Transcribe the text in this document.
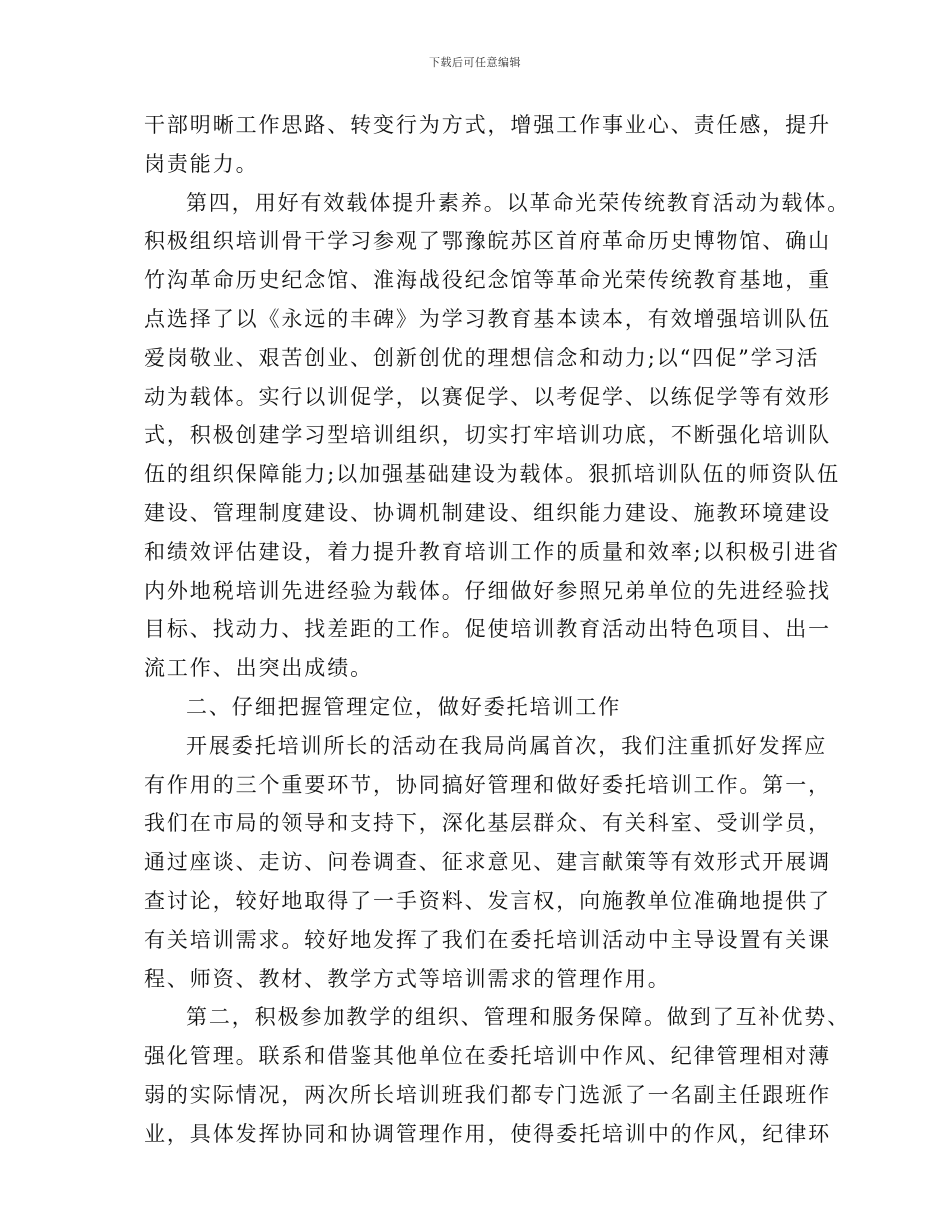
下载后可任意编辑
干部明晰工作思路、转变行为方式，增强工作事业心、责任感，提升
岗责能力。
第四，用好有效载体提升素养。以革命光荣传统教育活动为载体。
积极组织培训骨干学习参观了鄂豫皖苏区首府革命历史博物馆、确山
竹沟革命历史纪念馆、淮海战役纪念馆等革命光荣传统教育基地，重
点选择了以《永远的丰碑》为学习教育基本读本，有效增强培训队伍
爱岗敬业、艰苦创业、创新创优的理想信念和动力;以“四促”学习活
动为载体。实行以训促学，以赛促学、以考促学、以练促学等有效形
式，积极创建学习型培训组织，切实打牢培训功底，不断强化培训队
伍的组织保障能力;以加强基础建设为载体。狠抓培训队伍的师资队伍
建设、管理制度建设、协调机制建设、组织能力建设、施教环境建设
和绩效评估建设，着力提升教育培训工作的质量和效率;以积极引进省
内外地税培训先进经验为载体。仔细做好参照兄弟单位的先进经验找
目标、找动力、找差距的工作。促使培训教育活动出特色项目、出一
流工作、出突出成绩。
二、仔细把握管理定位，做好委托培训工作
开展委托培训所长的活动在我局尚属首次，我们注重抓好发挥应
有作用的三个重要环节，协同搞好管理和做好委托培训工作。第一，
我们在市局的领导和支持下，深化基层群众、有关科室、受训学员，
通过座谈、走访、问卷调查、征求意见、建言献策等有效形式开展调
查讨论，较好地取得了一手资料、发言权，向施教单位准确地提供了
有关培训需求。较好地发挥了我们在委托培训活动中主导设置有关课
程、师资、教材、教学方式等培训需求的管理作用。
第二，积极参加教学的组织、管理和服务保障。做到了互补优势、
强化管理。联系和借鉴其他单位在委托培训中作风、纪律管理相对薄
弱的实际情况，两次所长培训班我们都专门选派了一名副主任跟班作
业，具体发挥协同和协调管理作用，使得委托培训中的作风，纪律环
